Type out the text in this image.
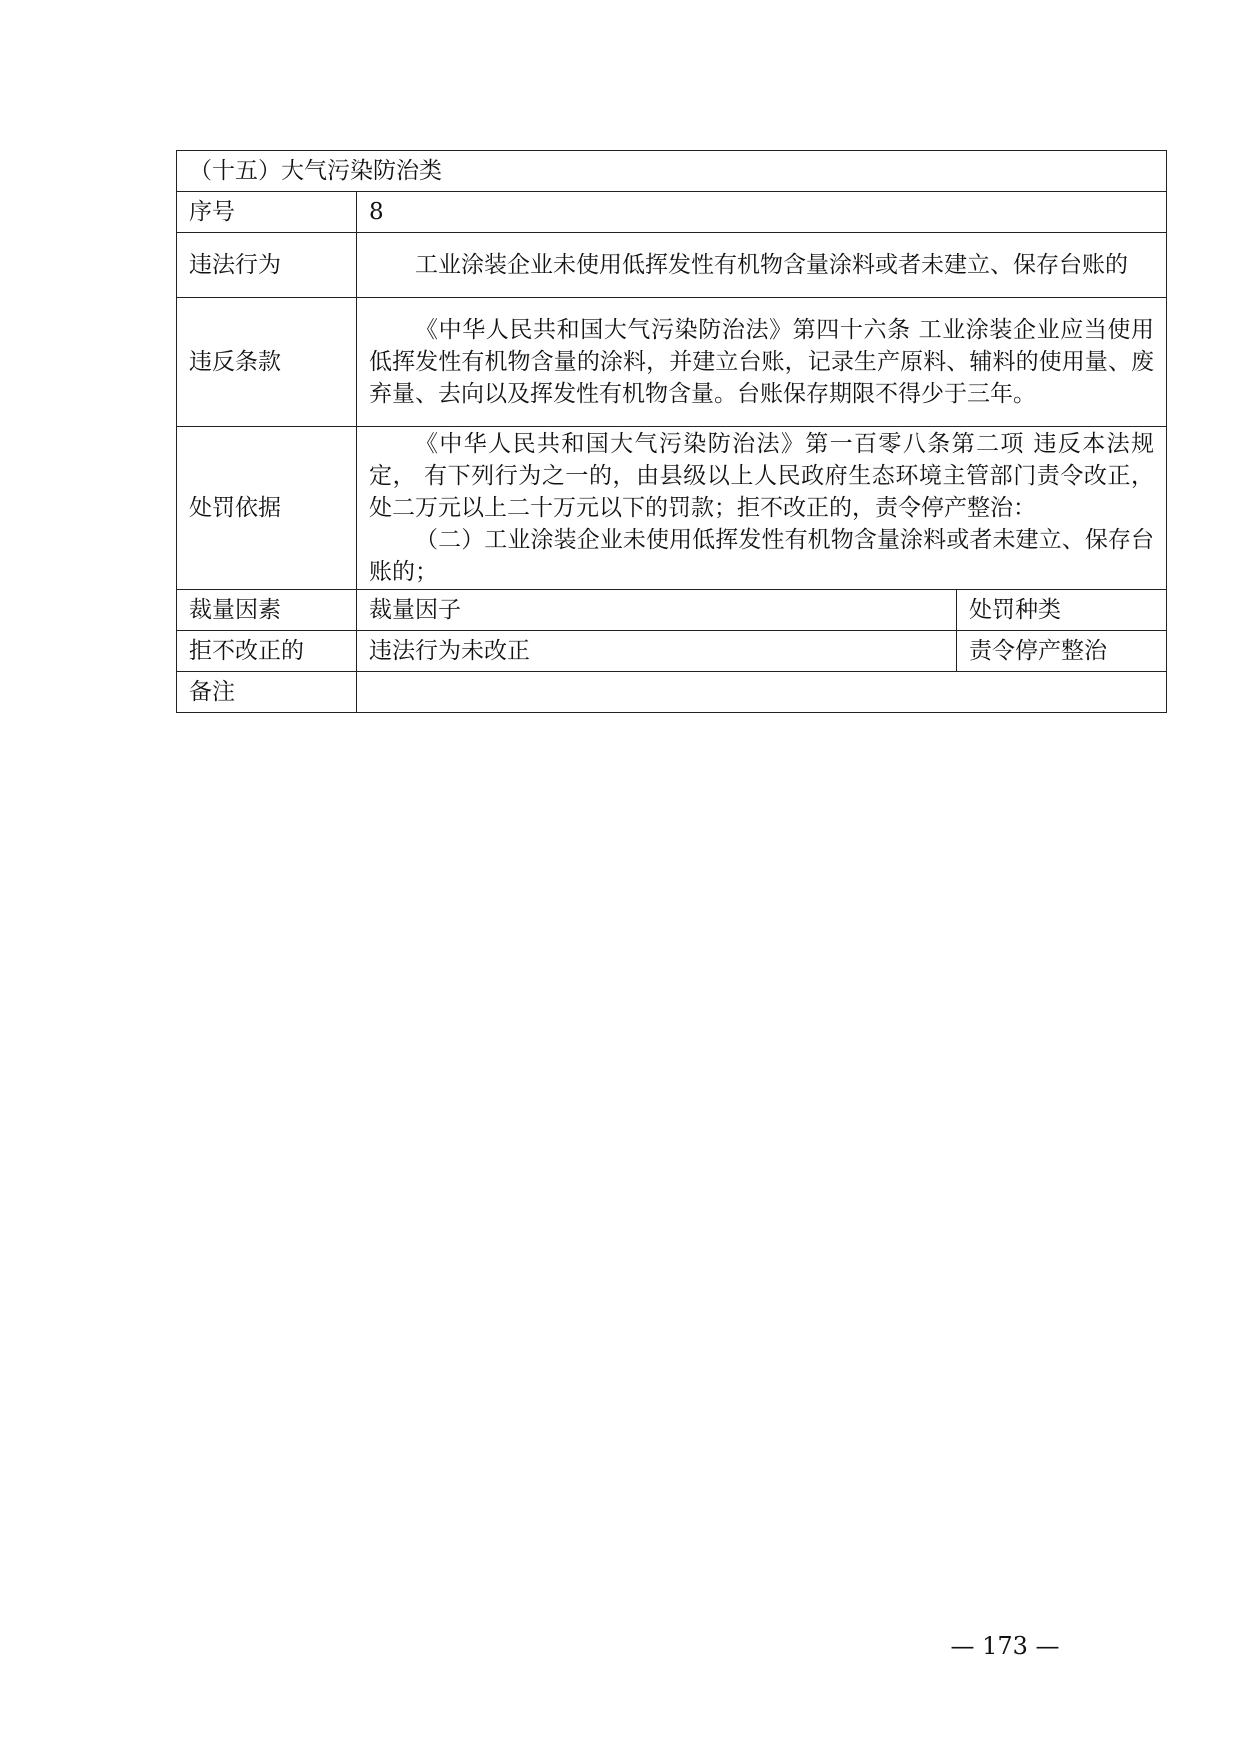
（十五）大气污染防治类		
序号	8	
违法行为	工业涂装企业未使用低挥发性有机物含量涂料或者未建立、保存台账的	

违反条款	《中华人民共和国大气污染防治法》第四十六条 工业涂装企业应当使用低挥发性有机物含量的涂料，并建立台账，记录生产原料、辅料的使用量、废弃量、去向以及挥发性有机物含量。台账保存期限不得少于三年。	

处罚依据	《中华人民共和国大气污染防治法》第一百零八条第二项 违反本法规定， 有下列行为之一的，由县级以上人民政府生态环境主管部门责令改正，处二万元以上二十万元以下的罚款；拒不改正的，责令停产整治：
（二）工业涂装企业未使用低挥发性有机物含量涂料或者未建立、保存台账的；	

裁量因素	裁量因子	处罚种类
拒不改正的	违法行为未改正	责令停产整治
备注		
— 173 —
